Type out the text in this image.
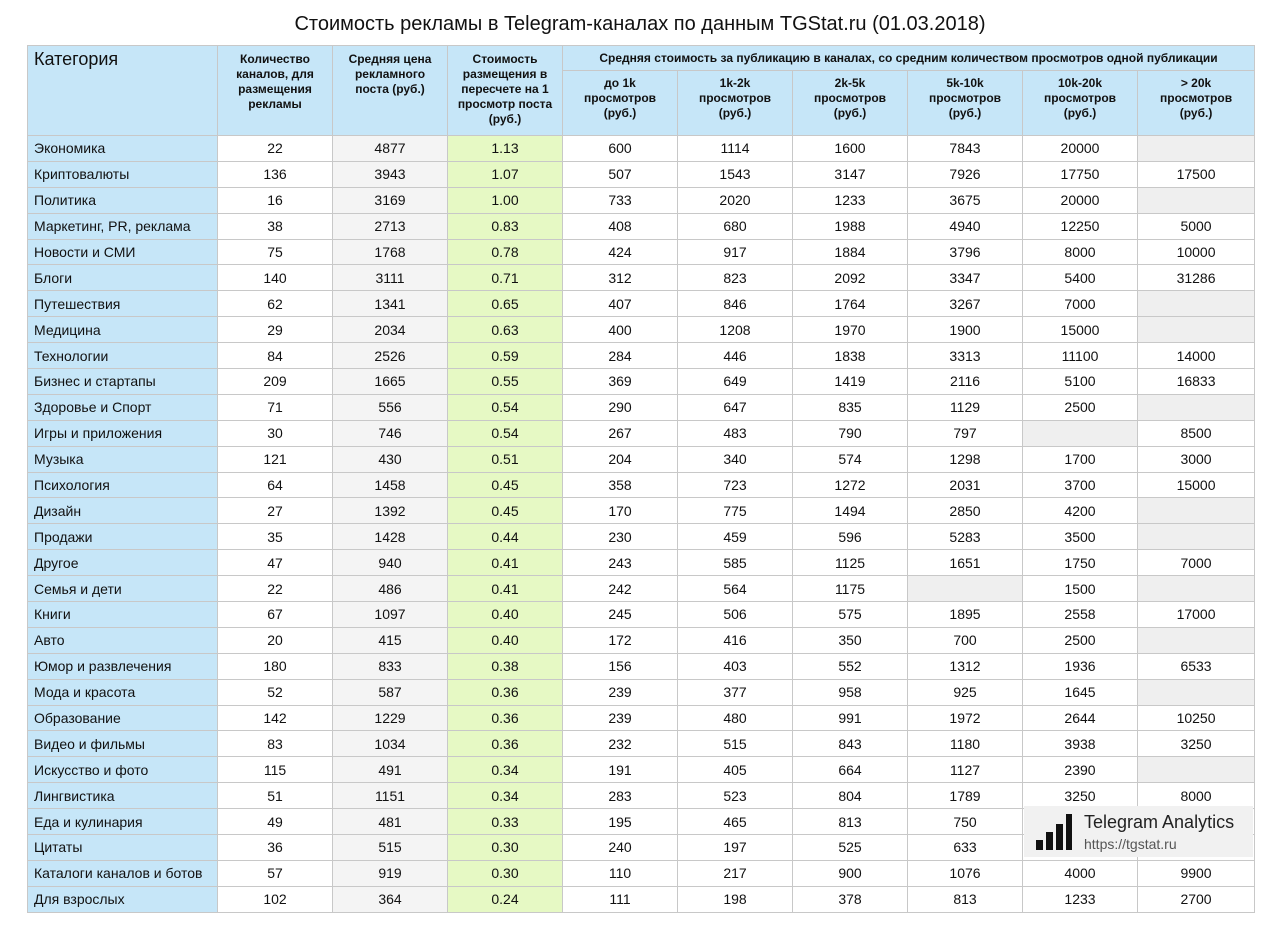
Стоимость рекламы в Telegram-каналах по данным TGStat.ru (01.03.2018)
Категория	Количество каналов, для размещения рекламы	Средняя цена рекламного поста (руб.)	Стоимость размещения в пересчете на 1 просмотр поста (руб.)	Средняя стоимость за публикацию в каналах, со средним количеством просмотров одной публикации					
				до 1k просмотров (руб.)	1k-2k просмотров (руб.)	2k-5k просмотров (руб.)	5k-10k просмотров (руб.)	10k-20k просмотров (руб.)	> 20k просмотров (руб.)
Экономика	22	4877	1.13	600	1114	1600	7843	20000	
Криптовалюты	136	3943	1.07	507	1543	3147	7926	17750	17500
Политика	16	3169	1.00	733	2020	1233	3675	20000	
Маркетинг, PR, реклама	38	2713	0.83	408	680	1988	4940	12250	5000
Новости и СМИ	75	1768	0.78	424	917	1884	3796	8000	10000
Блоги	140	3111	0.71	312	823	2092	3347	5400	31286
Путешествия	62	1341	0.65	407	846	1764	3267	7000	
Медицина	29	2034	0.63	400	1208	1970	1900	15000	
Технологии	84	2526	0.59	284	446	1838	3313	11100	14000
Бизнес и стартапы	209	1665	0.55	369	649	1419	2116	5100	16833
Здоровье и Спорт	71	556	0.54	290	647	835	1129	2500	
Игры и приложения	30	746	0.54	267	483	790	797		8500
Музыка	121	430	0.51	204	340	574	1298	1700	3000
Психология	64	1458	0.45	358	723	1272	2031	3700	15000
Дизайн	27	1392	0.45	170	775	1494	2850	4200	
Продажи	35	1428	0.44	230	459	596	5283	3500	
Другое	47	940	0.41	243	585	1125	1651	1750	7000
Семья и дети	22	486	0.41	242	564	1175		1500	
Книги	67	1097	0.40	245	506	575	1895	2558	17000
Авто	20	415	0.40	172	416	350	700	2500	
Юмор и развлечения	180	833	0.38	156	403	552	1312	1936	6533
Мода и красота	52	587	0.36	239	377	958	925	1645	
Образование	142	1229	0.36	239	480	991	1972	2644	10250
Видео и фильмы	83	1034	0.36	232	515	843	1180	3938	3250
Искусство и фото	115	491	0.34	191	405	664	1127	2390	
Лингвистика	51	1151	0.34	283	523	804	1789	3250	8000
Еда и кулинария	49	481	0.33	195	465	813	750		
Цитаты	36	515	0.30	240	197	525	633		
Каталоги каналов и ботов	57	919	0.30	110	217	900	1076	4000	9900
Для взрослых	102	364	0.24	111	198	378	813	1233	2700
Telegram Analytics
https://tgstat.ru
